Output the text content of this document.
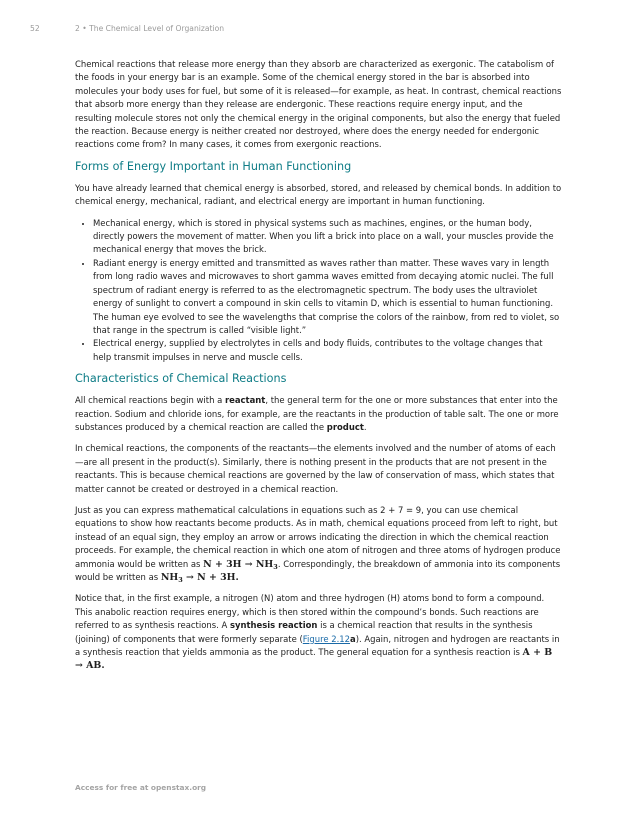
52	2 • The Chemical Level of Organization

Chemical reactions that release more energy than they absorb are characterized as exergonic. The catabolism of the foods in your energy bar is an example. Some of the chemical energy stored in the bar is absorbed into molecules your body uses for fuel, but some of it is released—for example, as heat. In contrast, chemical reactions that absorb more energy than they release are endergonic. These reactions require energy input, and the resulting molecule stores not only the chemical energy in the original components, but also the energy that fueled the reaction. Because energy is neither created nor destroyed, where does the energy needed for endergonic reactions come from? In many cases, it comes from exergonic reactions.

Forms of Energy Important in Human Functioning

You have already learned that chemical energy is absorbed, stored, and released by chemical bonds. In addition to chemical energy, mechanical, radiant, and electrical energy are important in human functioning.

• Mechanical energy, which is stored in physical systems such as machines, engines, or the human body, directly powers the movement of matter. When you lift a brick into place on a wall, your muscles provide the mechanical energy that moves the brick.
• Radiant energy is energy emitted and transmitted as waves rather than matter. These waves vary in length from long radio waves and microwaves to short gamma waves emitted from decaying atomic nuclei. The full spectrum of radiant energy is referred to as the electromagnetic spectrum. The body uses the ultraviolet energy of sunlight to convert a compound in skin cells to vitamin D, which is essential to human functioning. The human eye evolved to see the wavelengths that comprise the colors of the rainbow, from red to violet, so that range in the spectrum is called “visible light.”
• Electrical energy, supplied by electrolytes in cells and body fluids, contributes to the voltage changes that help transmit impulses in nerve and muscle cells.
Characteristics of Chemical Reactions

All chemical reactions begin with a reactant, the general term for the one or more substances that enter into the reaction. Sodium and chloride ions, for example, are the reactants in the production of table salt. The one or more substances produced by a chemical reaction are called the product.

In chemical reactions, the components of the reactants—the elements involved and the number of atoms of each—are all present in the product(s). Similarly, there is nothing present in the products that are not present in the reactants. This is because chemical reactions are governed by the law of conservation of mass, which states that matter cannot be created or destroyed in a chemical reaction.

Just as you can express mathematical calculations in equations such as 2 + 7 = 9, you can use chemical equations to show how reactants become products. As in math, chemical equations proceed from left to right, but instead of an equal sign, they employ an arrow or arrows indicating the direction in which the chemical reaction proceeds. For example, the chemical reaction in which one atom of nitrogen and three atoms of hydrogen produce ammonia would be written as $N + 3H \to NH_3$. Correspondingly, the breakdown of ammonia into its components would be written as $NH_3 \to N + 3H$.

Notice that, in the first example, a nitrogen (N) atom and three hydrogen (H) atoms bond to form a compound. This anabolic reaction requires energy, which is then stored within the compound’s bonds. Such reactions are referred to as synthesis reactions. A synthesis reaction is a chemical reaction that results in the synthesis (joining) of components that were formerly separate (Figure 2.12a). Again, nitrogen and hydrogen are reactants in a synthesis reaction that yields ammonia as the product. The general equation for a synthesis reaction is A + B → AB.

Access for free at openstax.org
